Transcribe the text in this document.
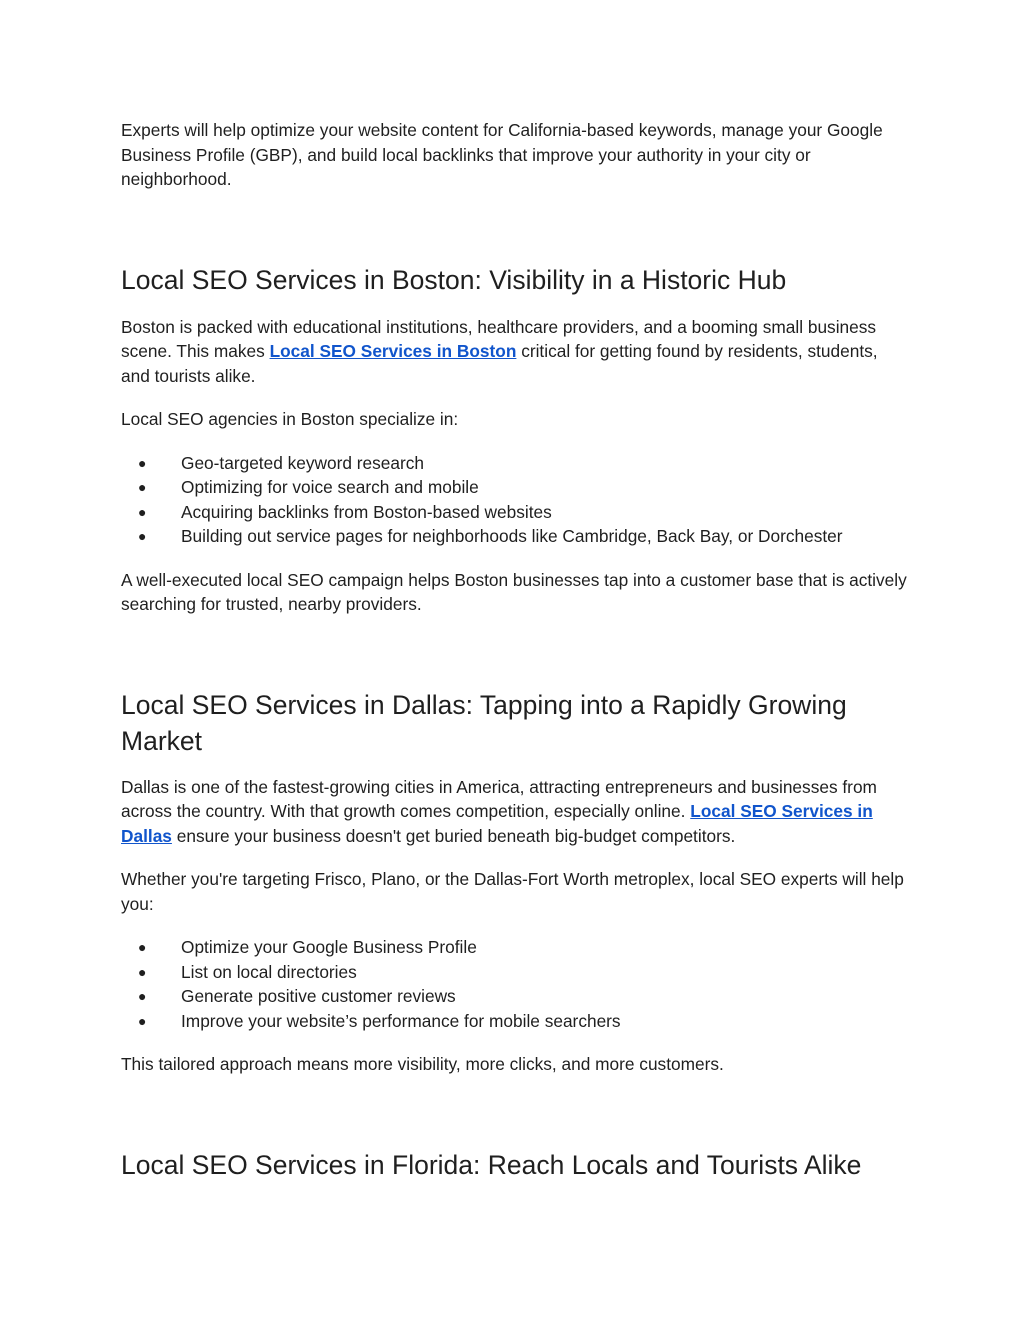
Experts will help optimize your website content for California-based keywords, manage your Google Business Profile (GBP), and build local backlinks that improve your authority in your city or neighborhood.

Local SEO Services in Boston: Visibility in a Historic Hub

Boston is packed with educational institutions, healthcare providers, and a booming small business scene. This makes Local SEO Services in Boston critical for getting found by residents, students, and tourists alike.

Local SEO agencies in Boston specialize in:

● Geo-targeted keyword research
● Optimizing for voice search and mobile
● Acquiring backlinks from Boston-based websites
● Building out service pages for neighborhoods like Cambridge, Back Bay, or Dorchester

A well-executed local SEO campaign helps Boston businesses tap into a customer base that is actively searching for trusted, nearby providers.

Local SEO Services in Dallas: Tapping into a Rapidly Growing Market

Dallas is one of the fastest-growing cities in America, attracting entrepreneurs and businesses from across the country. With that growth comes competition, especially online. Local SEO Services in Dallas ensure your business doesn't get buried beneath big-budget competitors.

Whether you're targeting Frisco, Plano, or the Dallas-Fort Worth metroplex, local SEO experts will help you:

● Optimize your Google Business Profile
● List on local directories
● Generate positive customer reviews
● Improve your website’s performance for mobile searchers

This tailored approach means more visibility, more clicks, and more customers.

Local SEO Services in Florida: Reach Locals and Tourists Alike
